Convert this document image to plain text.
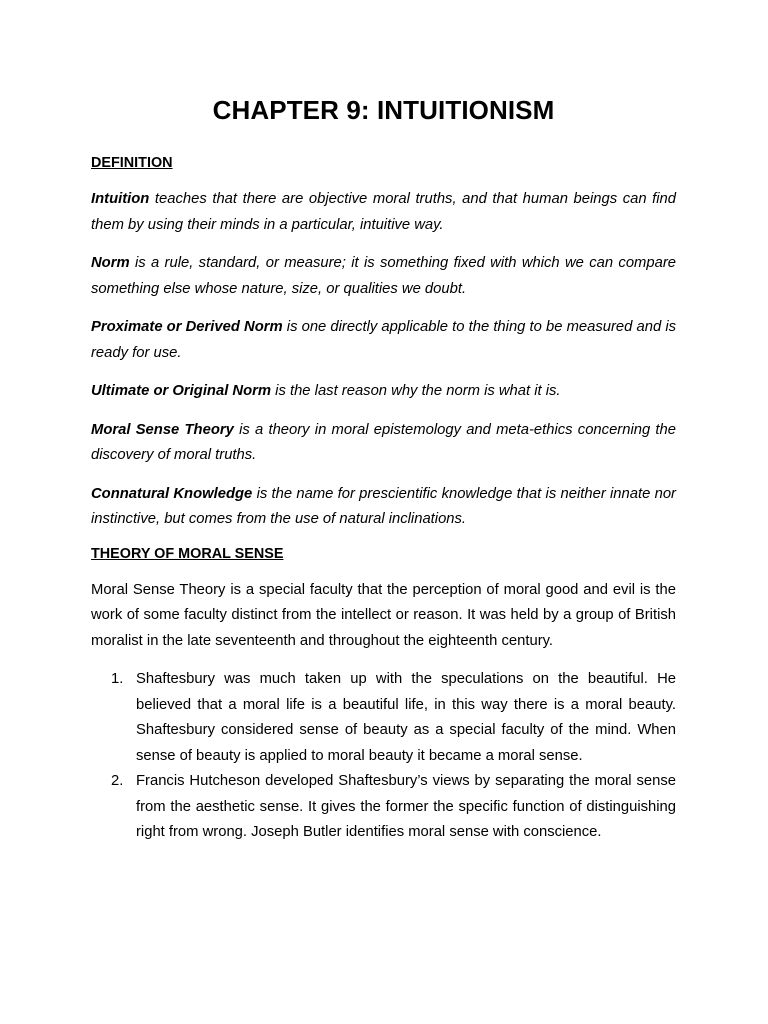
CHAPTER 9: INTUITIONISM
DEFINITION

Intuition teaches that there are objective moral truths, and that human beings can find them by using their minds in a particular, intuitive way.

Norm is a rule, standard, or measure; it is something fixed with which we can compare something else whose nature, size, or qualities we doubt.

Proximate or Derived Norm is one directly applicable to the thing to be measured and is ready for use.

Ultimate or Original Norm is the last reason why the norm is what it is.

Moral Sense Theory is a theory in moral epistemology and meta-ethics concerning the discovery of moral truths.

Connatural Knowledge is the name for prescientific knowledge that is neither innate nor instinctive, but comes from the use of natural inclinations.

THEORY OF MORAL SENSE

Moral Sense Theory is a special faculty that the perception of moral good and evil is the work of some faculty distinct from the intellect or reason. It was held by a group of British moralist in the late seventeenth and throughout the eighteenth century.

1. Shaftesbury was much taken up with the speculations on the beautiful. He believed that a moral life is a beautiful life, in this way there is a moral beauty. Shaftesbury considered sense of beauty as a special faculty of the mind. When sense of beauty is applied to moral beauty it became a moral sense.
2. Francis Hutcheson developed Shaftesbury’s views by separating the moral sense from the aesthetic sense. It gives the former the specific function of distinguishing right from wrong. Joseph Butler identifies moral sense with conscience.
